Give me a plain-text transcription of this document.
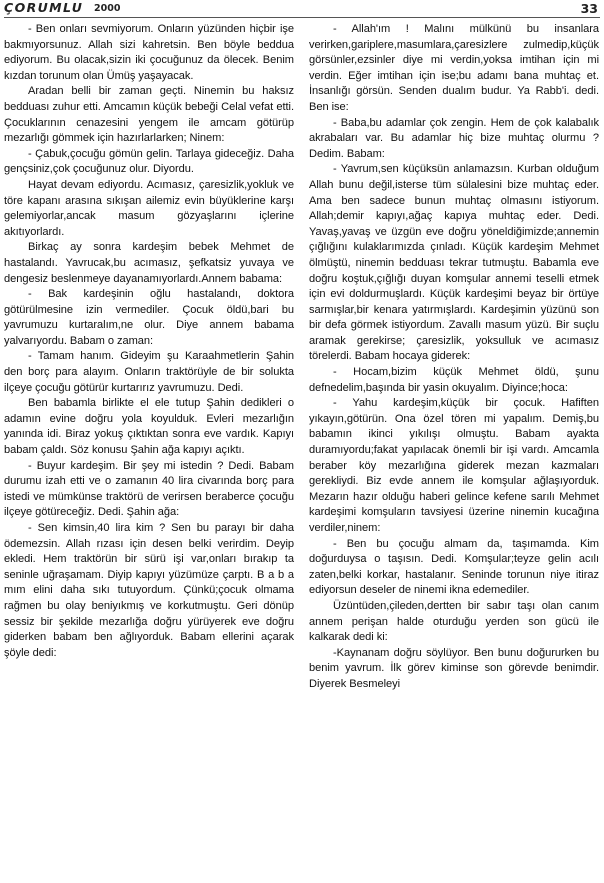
ÇORUMLU 2000	33

- Ben onları sevmiyorum. Onların yüzünden hiçbir işe bakmıyorsunuz. Allah sizi kahretsin. Ben böyle beddua ediyorum. Bu olacak,sizin iki çocuğunuz da ölecek. Benim kızdan torunum olan Ümüş yaşayacak.

Aradan belli bir zaman geçti. Ninemin bu haksız bedduası zuhur etti. Amcamın küçük bebeği Celal vefat etti. Çocuklarının cenazesini yengem ile amcam götürüp mezarlığı gömmek için hazırlarlarken; Ninem:

- Çabuk,çocuğu gömün gelin. Tarlaya gideceğiz. Daha gençsiniz,çok çocuğunuz olur. Diyordu.

Hayat devam ediyordu. Acımasız, çaresizlik,yokluk ve töre kapanı arasına sıkışan ailemiz evin büyüklerine karşı gelemiyorlar,ancak masum gözyaşlarını içlerine akıtıyorlardı.

Birkaç ay sonra kardeşim bebek Mehmet de hastalandı. Yavrucak,bu acımasız, şefkatsiz yuvaya ve dengesiz beslenmeye dayanamıyorlardı.Annem babama:

- Bak kardeşinin oğlu hastalandı, doktora götürülmesine izin vermediler. Çocuk öldü,bari bu yavrumuzu kurtaralım,ne olur. Diye annem babama yalvarıyordu. Babam o zaman:

- Tamam hanım. Gideyim şu Karaahmetlerin Şahin den borç para alayım. Onların traktörüyle de bir solukta ilçeye çocuğu götürür kurtarırız yavrumuzu. Dedi.

Ben babamla birlikte el ele tutup Şahin dedikleri o adamın evine doğru yola koyulduk. Evleri mezarlığın yanında idi. Biraz yokuş çıktıktan sonra eve vardık. Kapıyı babam çaldı. Söz konusu Şahin ağa kapıyı açıktı.

- Buyur kardeşim. Bir şey mi istedin ? Dedi. Babam durumu izah etti ve o zamanın 40 lira civarında borç para istedi ve mümkünse traktörü de verirsen beraberce çocuğu ilçeye götüreceğiz. Dedi. Şahin ağa:

- Sen kimsin,40 lira kim ? Sen bu parayı bir daha ödemezsin. Allah rızası için desen belki verirdim. Deyip ekledi. Hem traktörün bir sürü işi var,onları bırakıp ta seninle uğraşamam. Diyip kapıyı yüzümüze çarptı. B a b a mım elini daha sıkı tutuyordum. Çünkü;çocuk olmama rağmen bu olay beniyıkmış ve korkutmuştu. Geri dönüp sessiz bir şekilde mezarlığa doğru yürüyerek eve doğru giderken babam ben ağlıyorduk. Babam ellerini açarak şöyle dedi:

- Allah'ım ! Malını mülkünü bu insanlara verirken,gariplere,masumlara,çaresizlere zulmedip,küçük görsünler,ezsinler diye mi verdin,yoksa imtihan için mi verdin. Eğer imtihan için ise;bu adamı bana muhtaç et. İnsanlığı görsün. Senden dualım budur. Ya Rabb'i. dedi. Ben ise:

- Baba,bu adamlar çok zengin. Hem de çok kalabalık akrabaları var. Bu adamlar hiç bize muhtaç olurmu ? Dedim. Babam:

- Yavrum,sen küçüksün anlamazsın. Kurban olduğum Allah bunu değil,isterse tüm sülalesini bize muhtaç eder. Ama ben sadece bunun muhtaç olmasını istiyorum. Allah;demir kapıyı,ağaç kapıya muhtaç eder. Dedi. Yavaş,yavaş ve üzgün eve doğru yöneldiğimizde;annemin çığlığını kulaklarımızda çınladı. Küçük kardeşim Mehmet ölmüştü, ninemin bedduası tekrar tutmuştu. Babamla eve doğru koştuk,çığlığı duyan komşular annemi teselli etmek için evi doldurmuşlardı. Küçük kardeşimi beyaz bir örtüye sarmışlar,bir kenara yatırmışlardı. Kardeşimin yüzünü son bir defa görmek istiyordum. Zavallı masum yüzü. Bir suçlu aramak gerekirse; çaresizlik, yoksulluk ve acımasız törelerdi. Babam hocaya giderek:

- Hocam,bizim küçük Mehmet öldü, şunu defnedelim,başında bir yasin okuyalım. Diyince;hoca:

- Yahu kardeşim,küçük bir çocuk. Hafiften yıkayın,götürün. Ona özel tören mi yapalım. Demiş,bu babamın ikinci yıkılışı olmuştu. Babam ayakta duramıyordu;fakat yapılacak önemli bir işi vardı. Amcamla beraber köy mezarlığına giderek mezan kazmaları gerekliydi. Biz evde annem ile komşular ağlaşıyorduk. Mezarın hazır olduğu haberi gelince kefene sarılı Mehmet kardeşimi komşuların tavsiyesi üzerine ninemin kucağına verdiler,ninem:

- Ben bu çocuğu almam da, taşımamda. Kim doğurduysa o taşısın. Dedi. Komşular;teyze gelin acılı zaten,belki korkar, hastalanır. Seninde torunun niye itiraz ediyorsun deseler de ninemi ikna edemediler.

Üzüntüden,çileden,dertten bir sabır taşı olan canım annem perişan halde oturduğu yerden son gücü ile kalkarak dedi ki:

-Kaynanam doğru söylüyor. Ben bunu doğururken bu benim yavrum. İlk görev kiminse son görevde benimdir. Diyerek Besmeleyi
